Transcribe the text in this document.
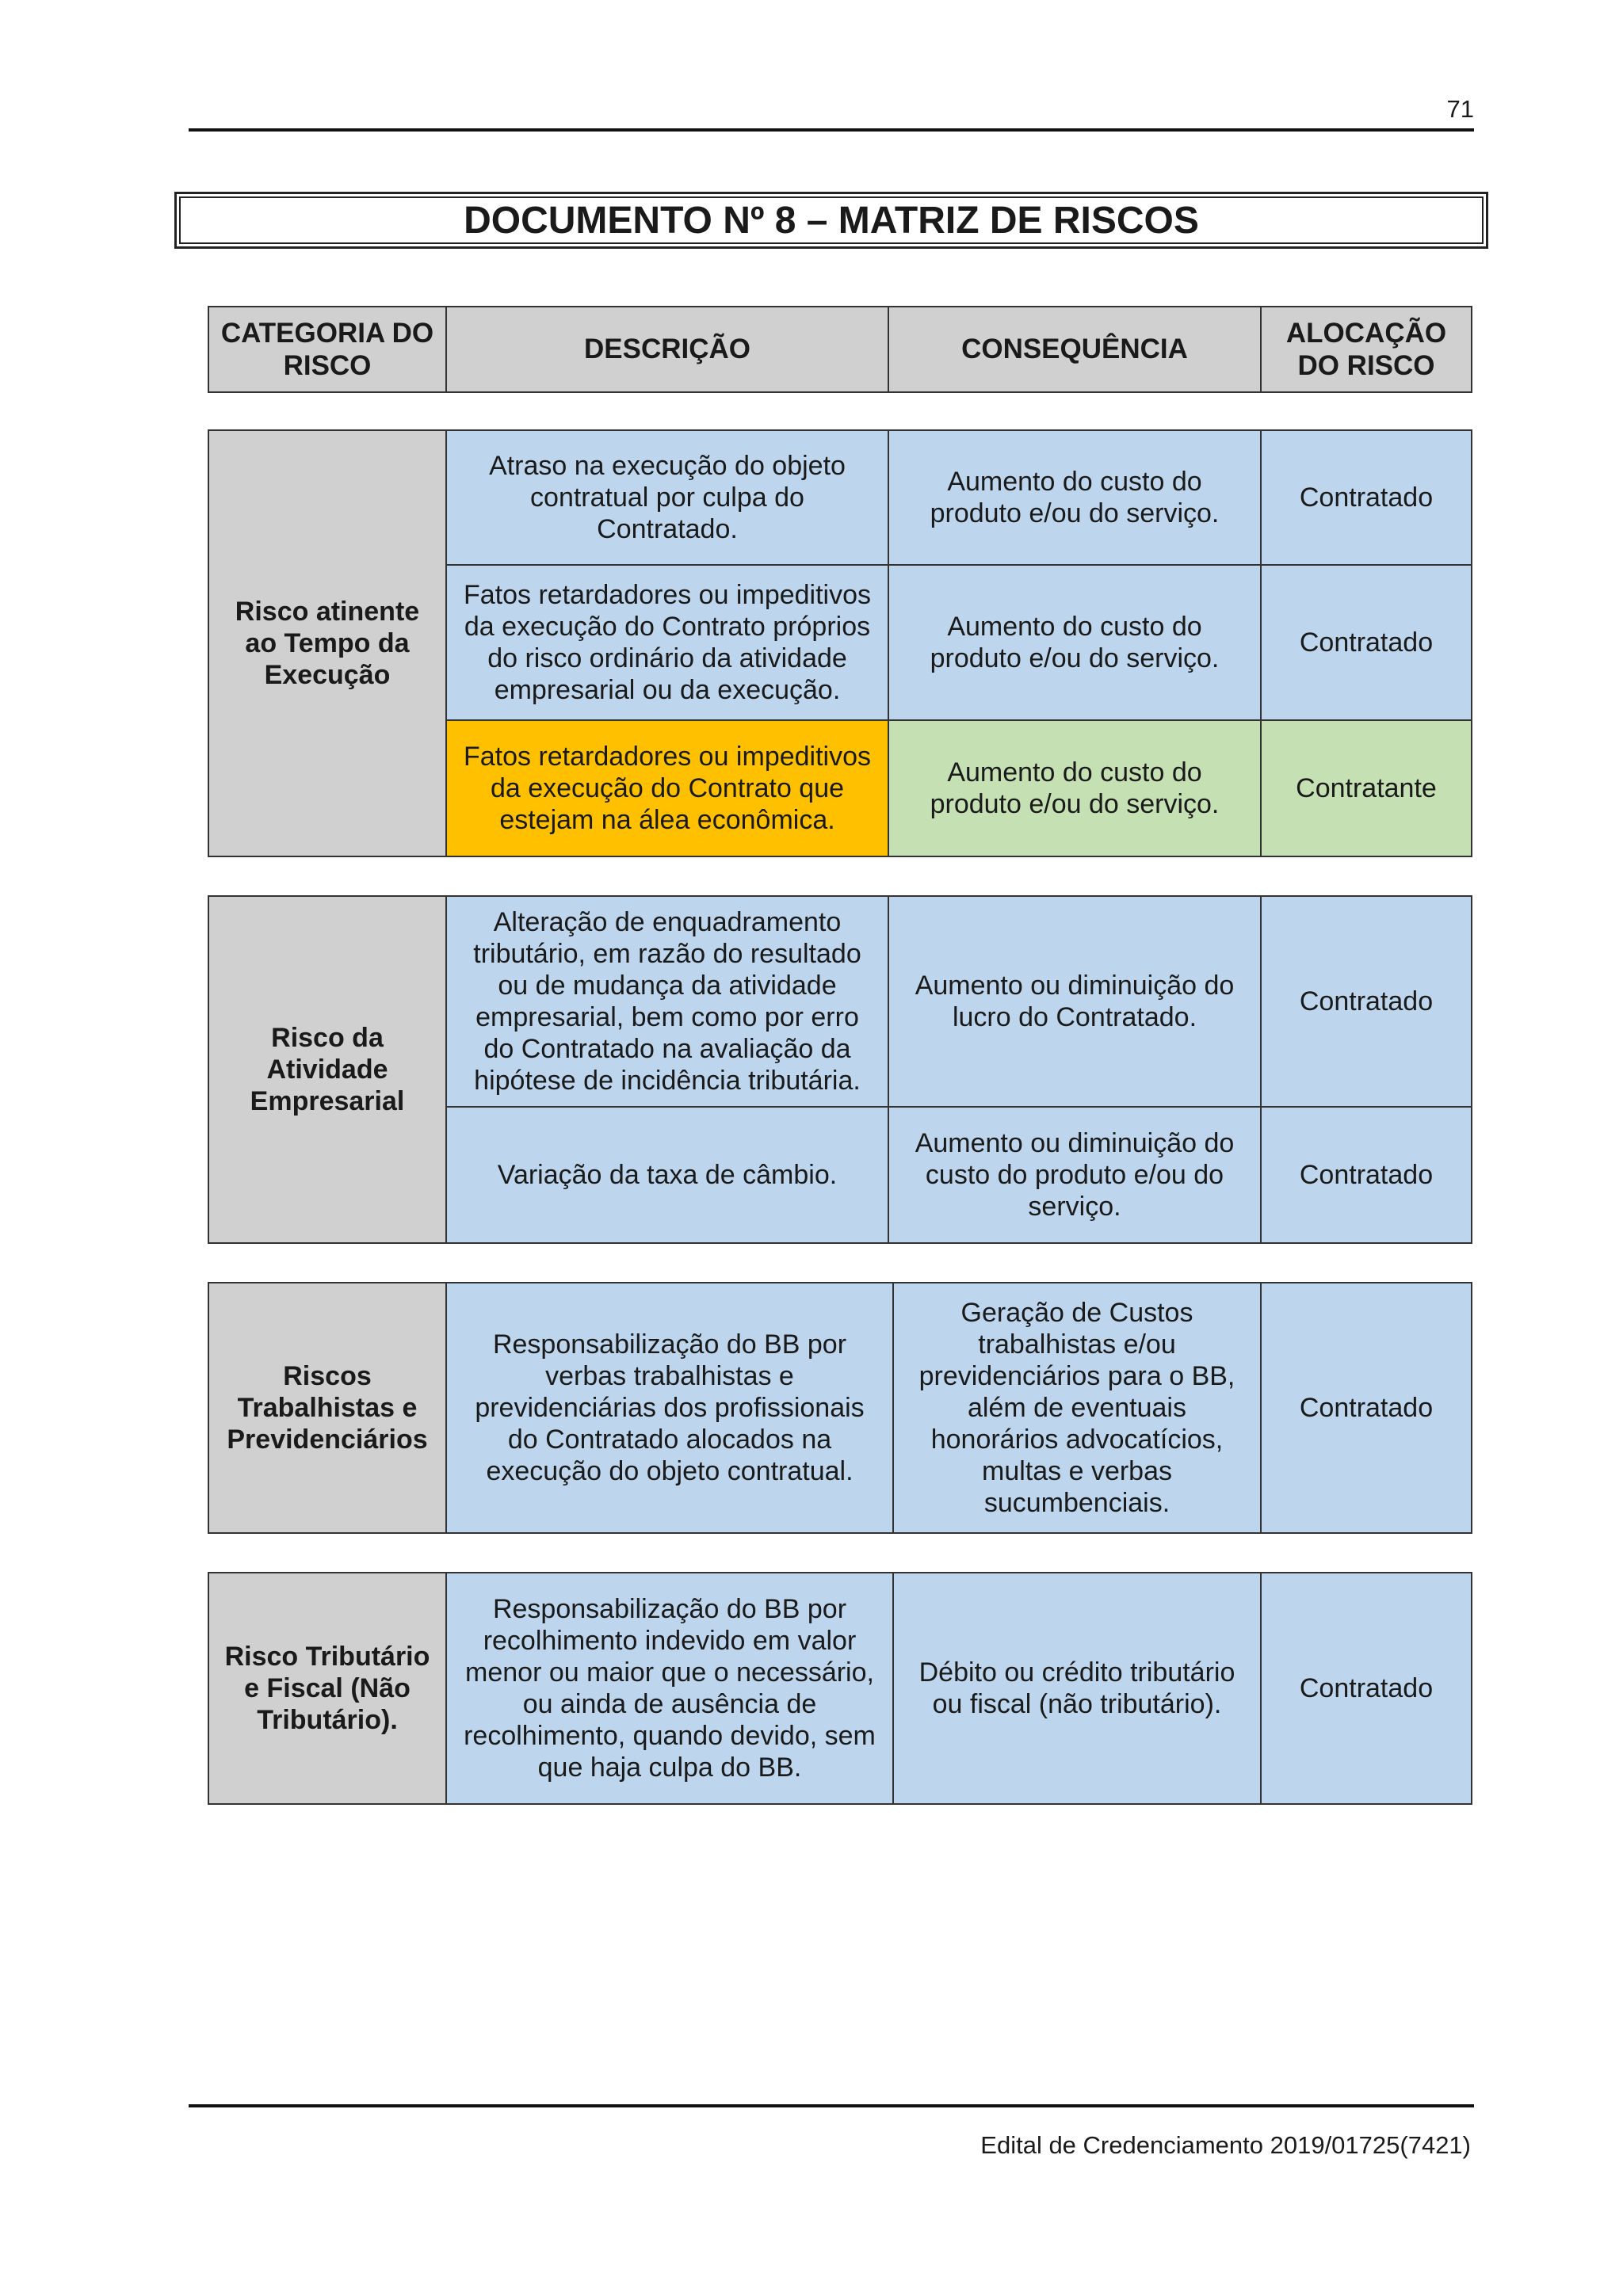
71
DOCUMENTO Nº 8 – MATRIZ DE RISCOS
CATEGORIA DO RISCO	DESCRIÇÃO	CONSEQUÊNCIA	ALOCAÇÃO DO RISCO
Risco atinente ao Tempo da Execução	Atraso na execução do objeto contratual por culpa do Contratado.	Aumento do custo do produto e/ou do serviço.	Contratado
	Fatos retardadores ou impeditivos da execução do Contrato próprios do risco ordinário da atividade empresarial ou da execução.	Aumento do custo do produto e/ou do serviço.	Contratado
	Fatos retardadores ou impeditivos da execução do Contrato que estejam na álea econômica.	Aumento do custo do produto e/ou do serviço.	Contratante
Risco da Atividade Empresarial	Alteração de enquadramento tributário, em razão do resultado ou de mudança da atividade empresarial, bem como por erro do Contratado na avaliação da hipótese de incidência tributária.	Aumento ou diminuição do lucro do Contratado.	Contratado
	Variação da taxa de câmbio.	Aumento ou diminuição do custo do produto e/ou do serviço.	Contratado
Riscos Trabalhistas e Previdenciários	Responsabilização do BB por verbas trabalhistas e previdenciárias dos profissionais do Contratado alocados na execução do objeto contratual.	Geração de Custos trabalhistas e/ou previdenciários para o BB, além de eventuais honorários advocatícios, multas e verbas sucumbenciais.	Contratado
Risco Tributário e Fiscal (Não Tributário).	Responsabilização do BB por recolhimento indevido em valor menor ou maior que o necessário, ou ainda de ausência de recolhimento, quando devido, sem que haja culpa do BB.	Débito ou crédito tributário ou fiscal (não tributário).	Contratado
Edital de Credenciamento 2019/01725(7421)
